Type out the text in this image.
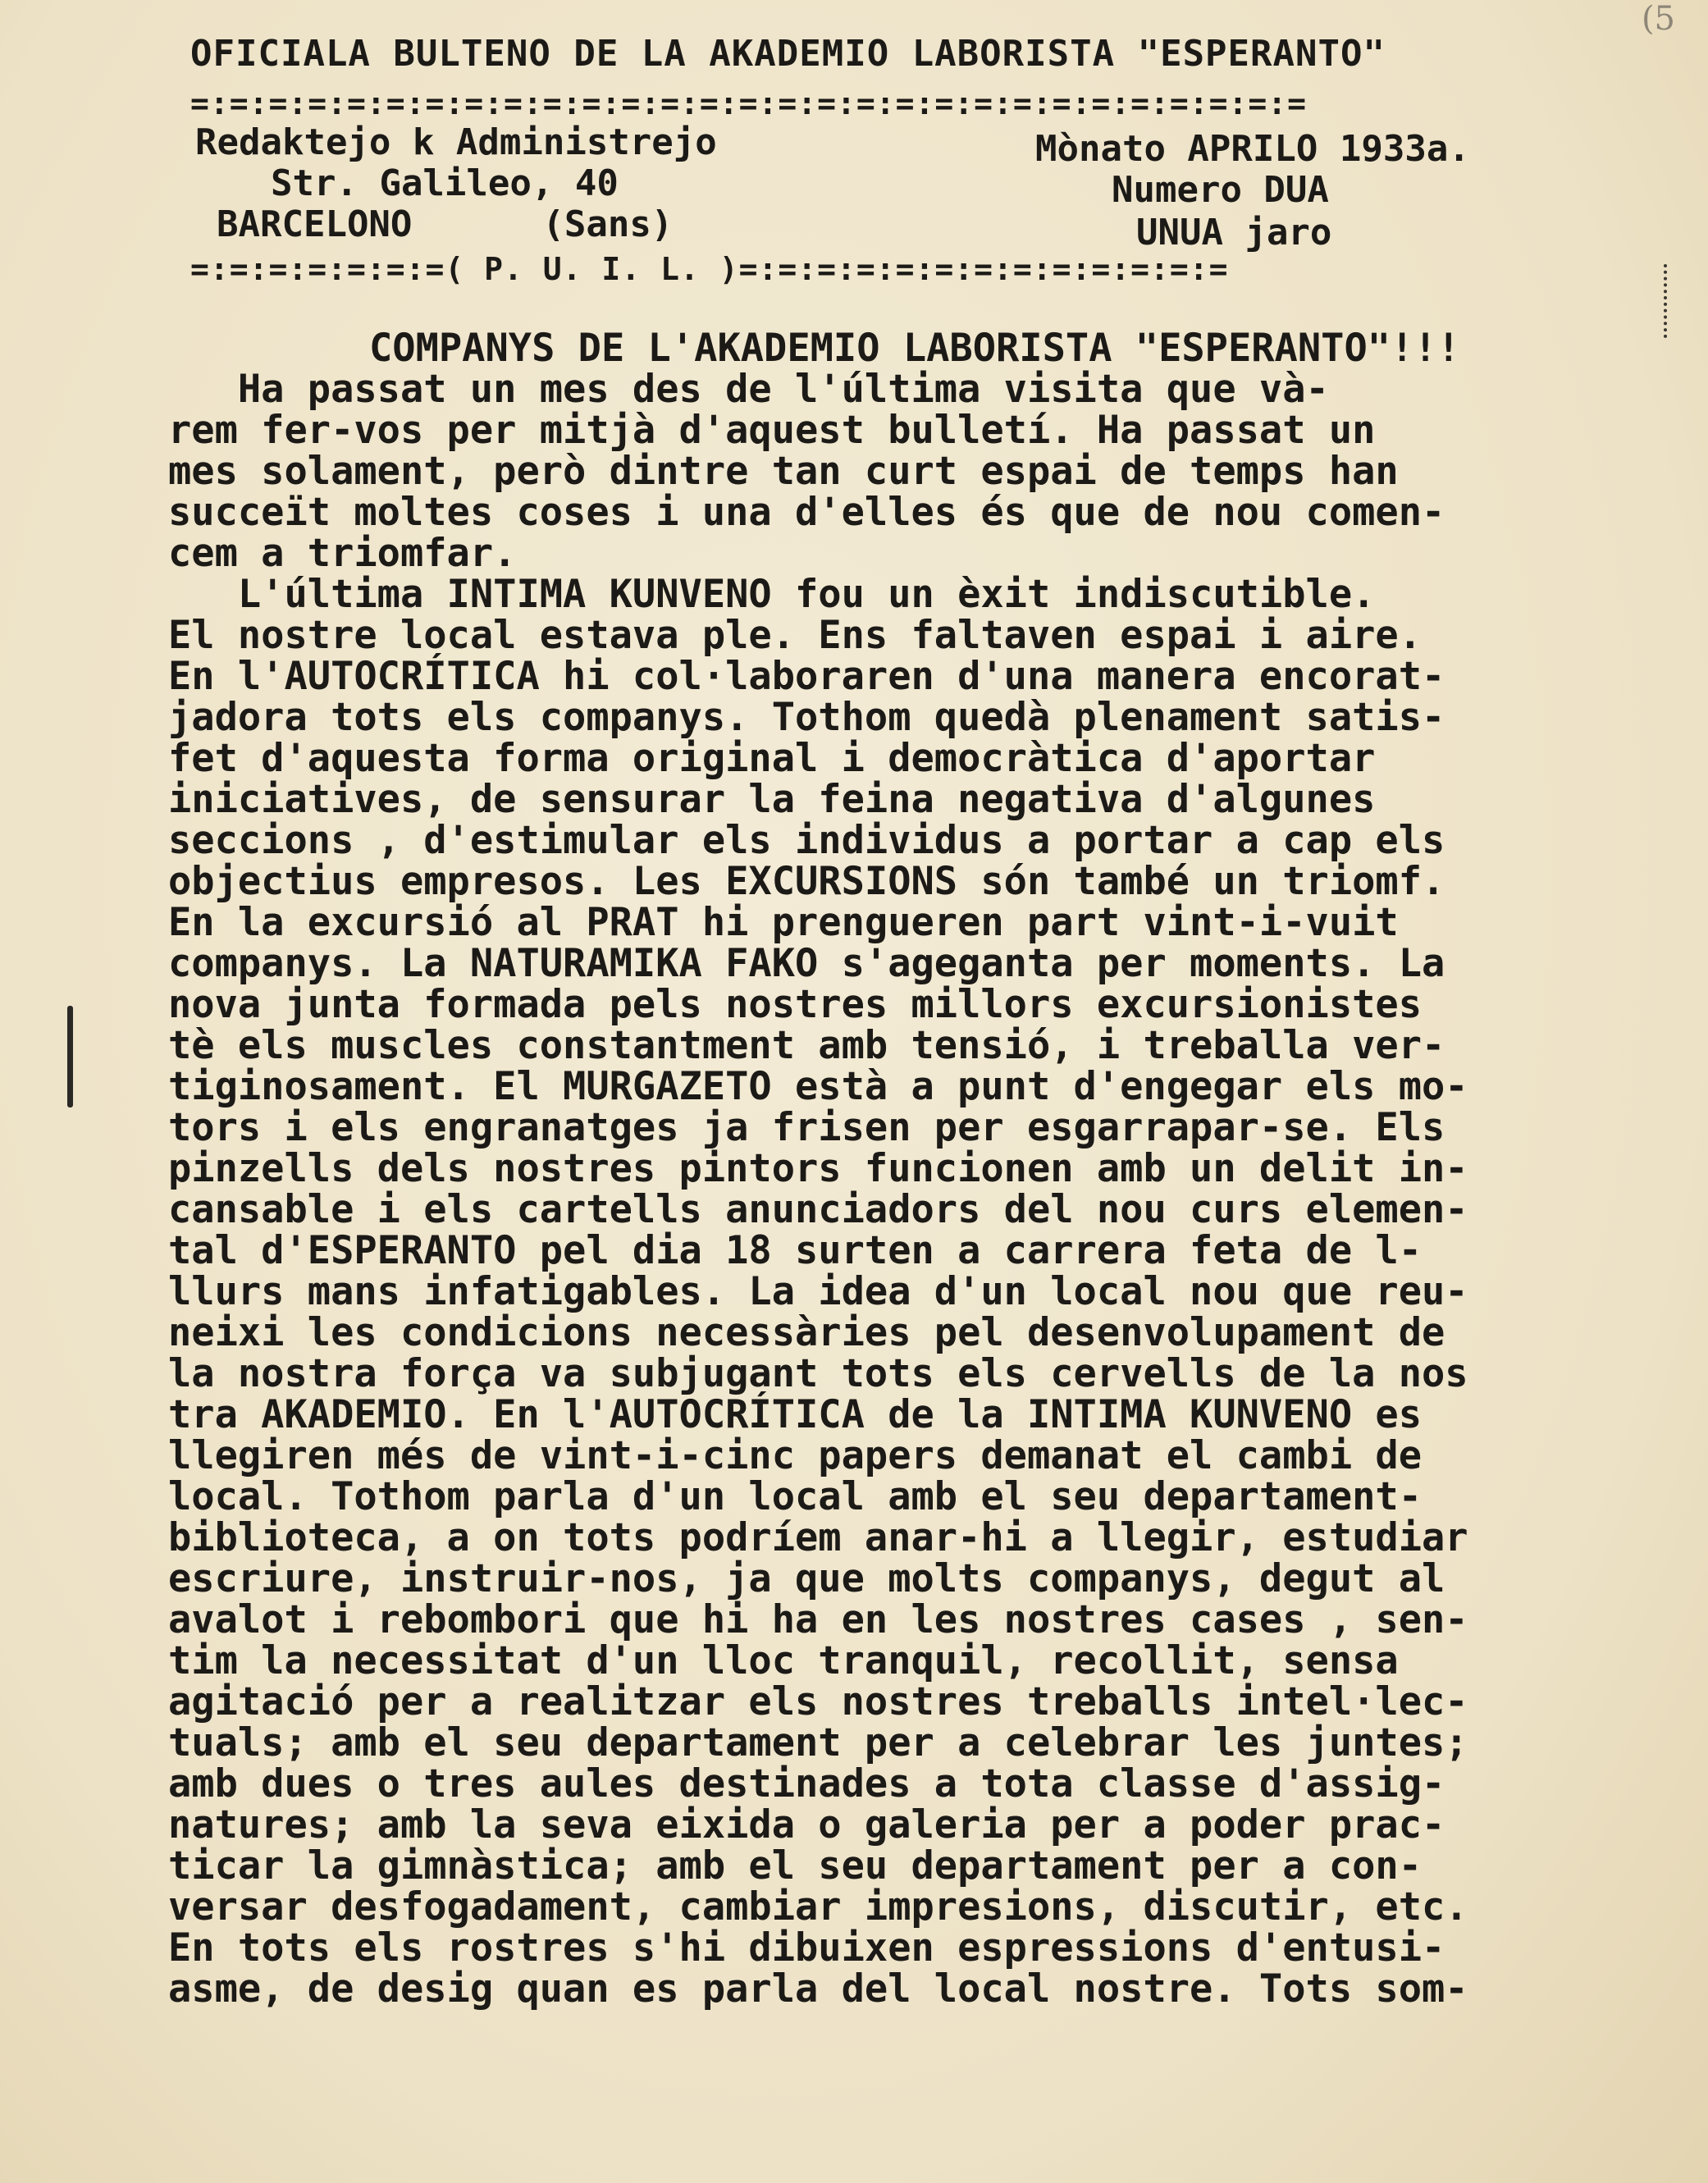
(5
OFICIALA BULTENO DE LA AKADEMIO LABORISTA "ESPERANTO"
=:=:=:=:=:=:=:=:=:=:=:=:=:=:=:=:=:=:=:=:=:=:=:=:=:=:=:=:=
Redaktejo k Administrejo
Str. Galileo, 40
BARCELONO      (Sans)
Mònato APRILO 1933a.
Numero DUA
UNUA jaro
=:=:=:=:=:=:=( P. U. I. L. )=:=:=:=:=:=:=:=:=:=:=:=:=
COMPANYS DE L'AKADEMIO LABORISTA "ESPERANTO"!!!
Ha passat un mes des de l'última visita que và-
rem fer-vos per mitjà d'aquest bulletí. Ha passat un
mes solament, però dintre tan curt espai de temps han
succeït moltes coses i una d'elles és que de nou comen-
cem a triomfar.
L'última INTIMA KUNVENO fou un èxit indiscutible.
El nostre local estava ple. Ens faltaven espai i aire.
En l'AUTOCRÍTICA hi col·laboraren d'una manera encorat-
jadora tots els companys. Tothom quedà plenament satis-
fet d'aquesta forma original i democràtica d'aportar
iniciatives, de sensurar la feina negativa d'algunes
seccions , d'estimular els individus a portar a cap els
objectius empresos. Les EXCURSIONS són també un triomf.
En la excursió al PRAT hi prengueren part vint-i-vuit
companys. La NATURAMIKA FAKO s'agegantа per moments. La
nova junta formada pels nostres millors excursionistes
tè els muscles constantment amb tensió, i treballa ver-
tiginosament. El MURGAZETO està a punt d'engegar els mo-
tors i els engranatges ja frisen per esgarrapar-se. Els
pinzells dels nostres pintors funcionen amb un delit in-
cansable i els cartells anunciadors del nou curs elemen-
tal d'ESPERANTO pel dia 18 surten a carrera feta de l-
llurs mans infatigables. La idea d'un local nou que reu-
neixi les condicions necessàries pel desenvolupament de
la nostra força va subjugant tots els cervells de la nos
tra AKADEMIO. En l'AUTOCRÍTICA de la INTIMA KUNVENO es
llegiren més de vint-i-cinc papers demanat el cambi de
local. Tothom parla d'un local amb el seu departament-
biblioteca, a on tots podríem anar-hi a llegir, estudiar
escriure, instruir-nos, ja que molts companys, degut al
avalot i rebombori que hi ha en les nostres cases , sen-
tim la necessitat d'un lloc tranquil, recollit, sensa
agitació per a realitzar els nostres treballs intel·lec-
tuals; amb el seu departament per a celebrar les juntes;
amb dues o tres aules destinades a tota classe d'assig-
natures; amb la seva eixida o galeria per a poder prac-
ticar la gimnàstica; amb el seu departament per a con-
versar desfogadament, cambiar impresions, discutir, etc.
En tots els rostres s'hi dibuixen espressions d'entusi-
asme, de desig quan es parla del local nostre. Tots som-
